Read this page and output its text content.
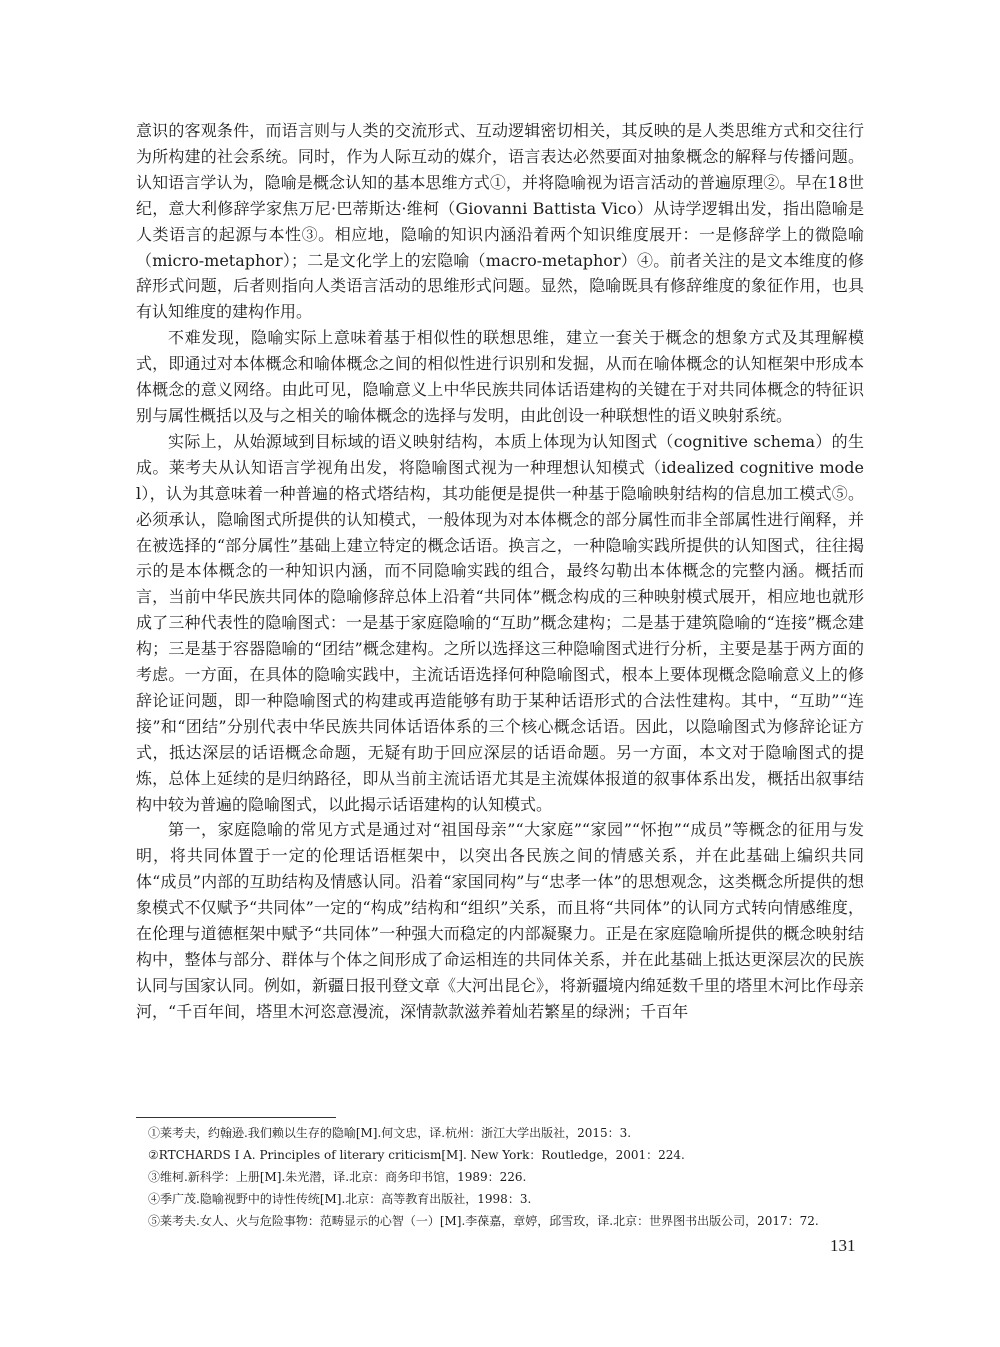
意识的客观条件，而语言则与人类的交流形式、互动逻辑密切相关，其反映的是人类思维方式和交往行为所构建的社会系统。同时，作为人际互动的媒介，语言表达必然要面对抽象概念的解释与传播问题。认知语言学认为，隐喻是概念认知的基本思维方式①，并将隐喻视为语言活动的普遍原理②。早在18世纪，意大利修辞学家焦万尼·巴蒂斯达·维柯（Giovanni Battista Vico）从诗学逻辑出发，指出隐喻是人类语言的起源与本性③。相应地，隐喻的知识内涵沿着两个知识维度展开：一是修辞学上的微隐喻（micro-metaphor）；二是文化学上的宏隐喻（macro-metaphor）④。前者关注的是文本维度的修辞形式问题，后者则指向人类语言活动的思维形式问题。显然，隐喻既具有修辞维度的象征作用，也具有认知维度的建构作用。

不难发现，隐喻实际上意味着基于相似性的联想思维，建立一套关于概念的想象方式及其理解模式，即通过对本体概念和喻体概念之间的相似性进行识别和发掘，从而在喻体概念的认知框架中形成本体概念的意义网络。由此可见，隐喻意义上中华民族共同体话语建构的关键在于对共同体概念的特征识别与属性概括以及与之相关的喻体概念的选择与发明，由此创设一种联想性的语义映射系统。

实际上，从始源域到目标域的语义映射结构，本质上体现为认知图式（cognitive schema）的生成。莱考夫从认知语言学视角出发，将隐喻图式视为一种理想认知模式（idealized cognitive model），认为其意味着一种普遍的格式塔结构，其功能便是提供一种基于隐喻映射结构的信息加工模式⑤。必须承认，隐喻图式所提供的认知模式，一般体现为对本体概念的部分属性而非全部属性进行阐释，并在被选择的“部分属性”基础上建立特定的概念话语。换言之，一种隐喻实践所提供的认知图式，往往揭示的是本体概念的一种知识内涵，而不同隐喻实践的组合，最终勾勒出本体概念的完整内涵。概括而言，当前中华民族共同体的隐喻修辞总体上沿着“共同体”概念构成的三种映射模式展开，相应地也就形成了三种代表性的隐喻图式：一是基于家庭隐喻的“互助”概念建构；二是基于建筑隐喻的“连接”概念建构；三是基于容器隐喻的“团结”概念建构。之所以选择这三种隐喻图式进行分析，主要是基于两方面的考虑。一方面，在具体的隐喻实践中，主流话语选择何种隐喻图式，根本上要体现概念隐喻意义上的修辞论证问题，即一种隐喻图式的构建或再造能够有助于某种话语形式的合法性建构。其中，“互助”“连接”和“团结”分别代表中华民族共同体话语体系的三个核心概念话语。因此，以隐喻图式为修辞论证方式，抵达深层的话语概念命题，无疑有助于回应深层的话语命题。另一方面，本文对于隐喻图式的提炼，总体上延续的是归纳路径，即从当前主流话语尤其是主流媒体报道的叙事体系出发，概括出叙事结构中较为普遍的隐喻图式，以此揭示话语建构的认知模式。

第一，家庭隐喻的常见方式是通过对“祖国母亲”“大家庭”“家园”“怀抱”“成员”等概念的征用与发明，将共同体置于一定的伦理话语框架中，以突出各民族之间的情感关系，并在此基础上编织共同体“成员”内部的互助结构及情感认同。沿着“家国同构”与“忠孝一体”的思想观念，这类概念所提供的想象模式不仅赋予“共同体”一定的“构成”结构和“组织”关系，而且将“共同体”的认同方式转向情感维度，在伦理与道德框架中赋予“共同体”一种强大而稳定的内部凝聚力。正是在家庭隐喻所提供的概念映射结构中，整体与部分、群体与个体之间形成了命运相连的共同体关系，并在此基础上抵达更深层次的民族认同与国家认同。例如，新疆日报刊登文章《大河出昆仑》，将新疆境内绵延数千里的塔里木河比作母亲河，“千百年间，塔里木河恣意漫流，深情款款滋养着灿若繁星的绿洲；千百年

①莱考夫，约翰逊.我们赖以生存的隐喻[M].何文忠，译.杭州：浙江大学出版社，2015：3.

②RTCHARDS I A. Principles of literary criticism[M]. New York：Routledge，2001：224.

③维柯.新科学：上册[M].朱光潜，译.北京：商务印书馆，1989：226.

④季广茂.隐喻视野中的诗性传统[M].北京：高等教育出版社，1998：3.

⑤莱考夫.女人、火与危险事物：范畴显示的心智（一）[M].李葆嘉，章婷，邱雪玫，译.北京：世界图书出版公司，2017：72.

131
